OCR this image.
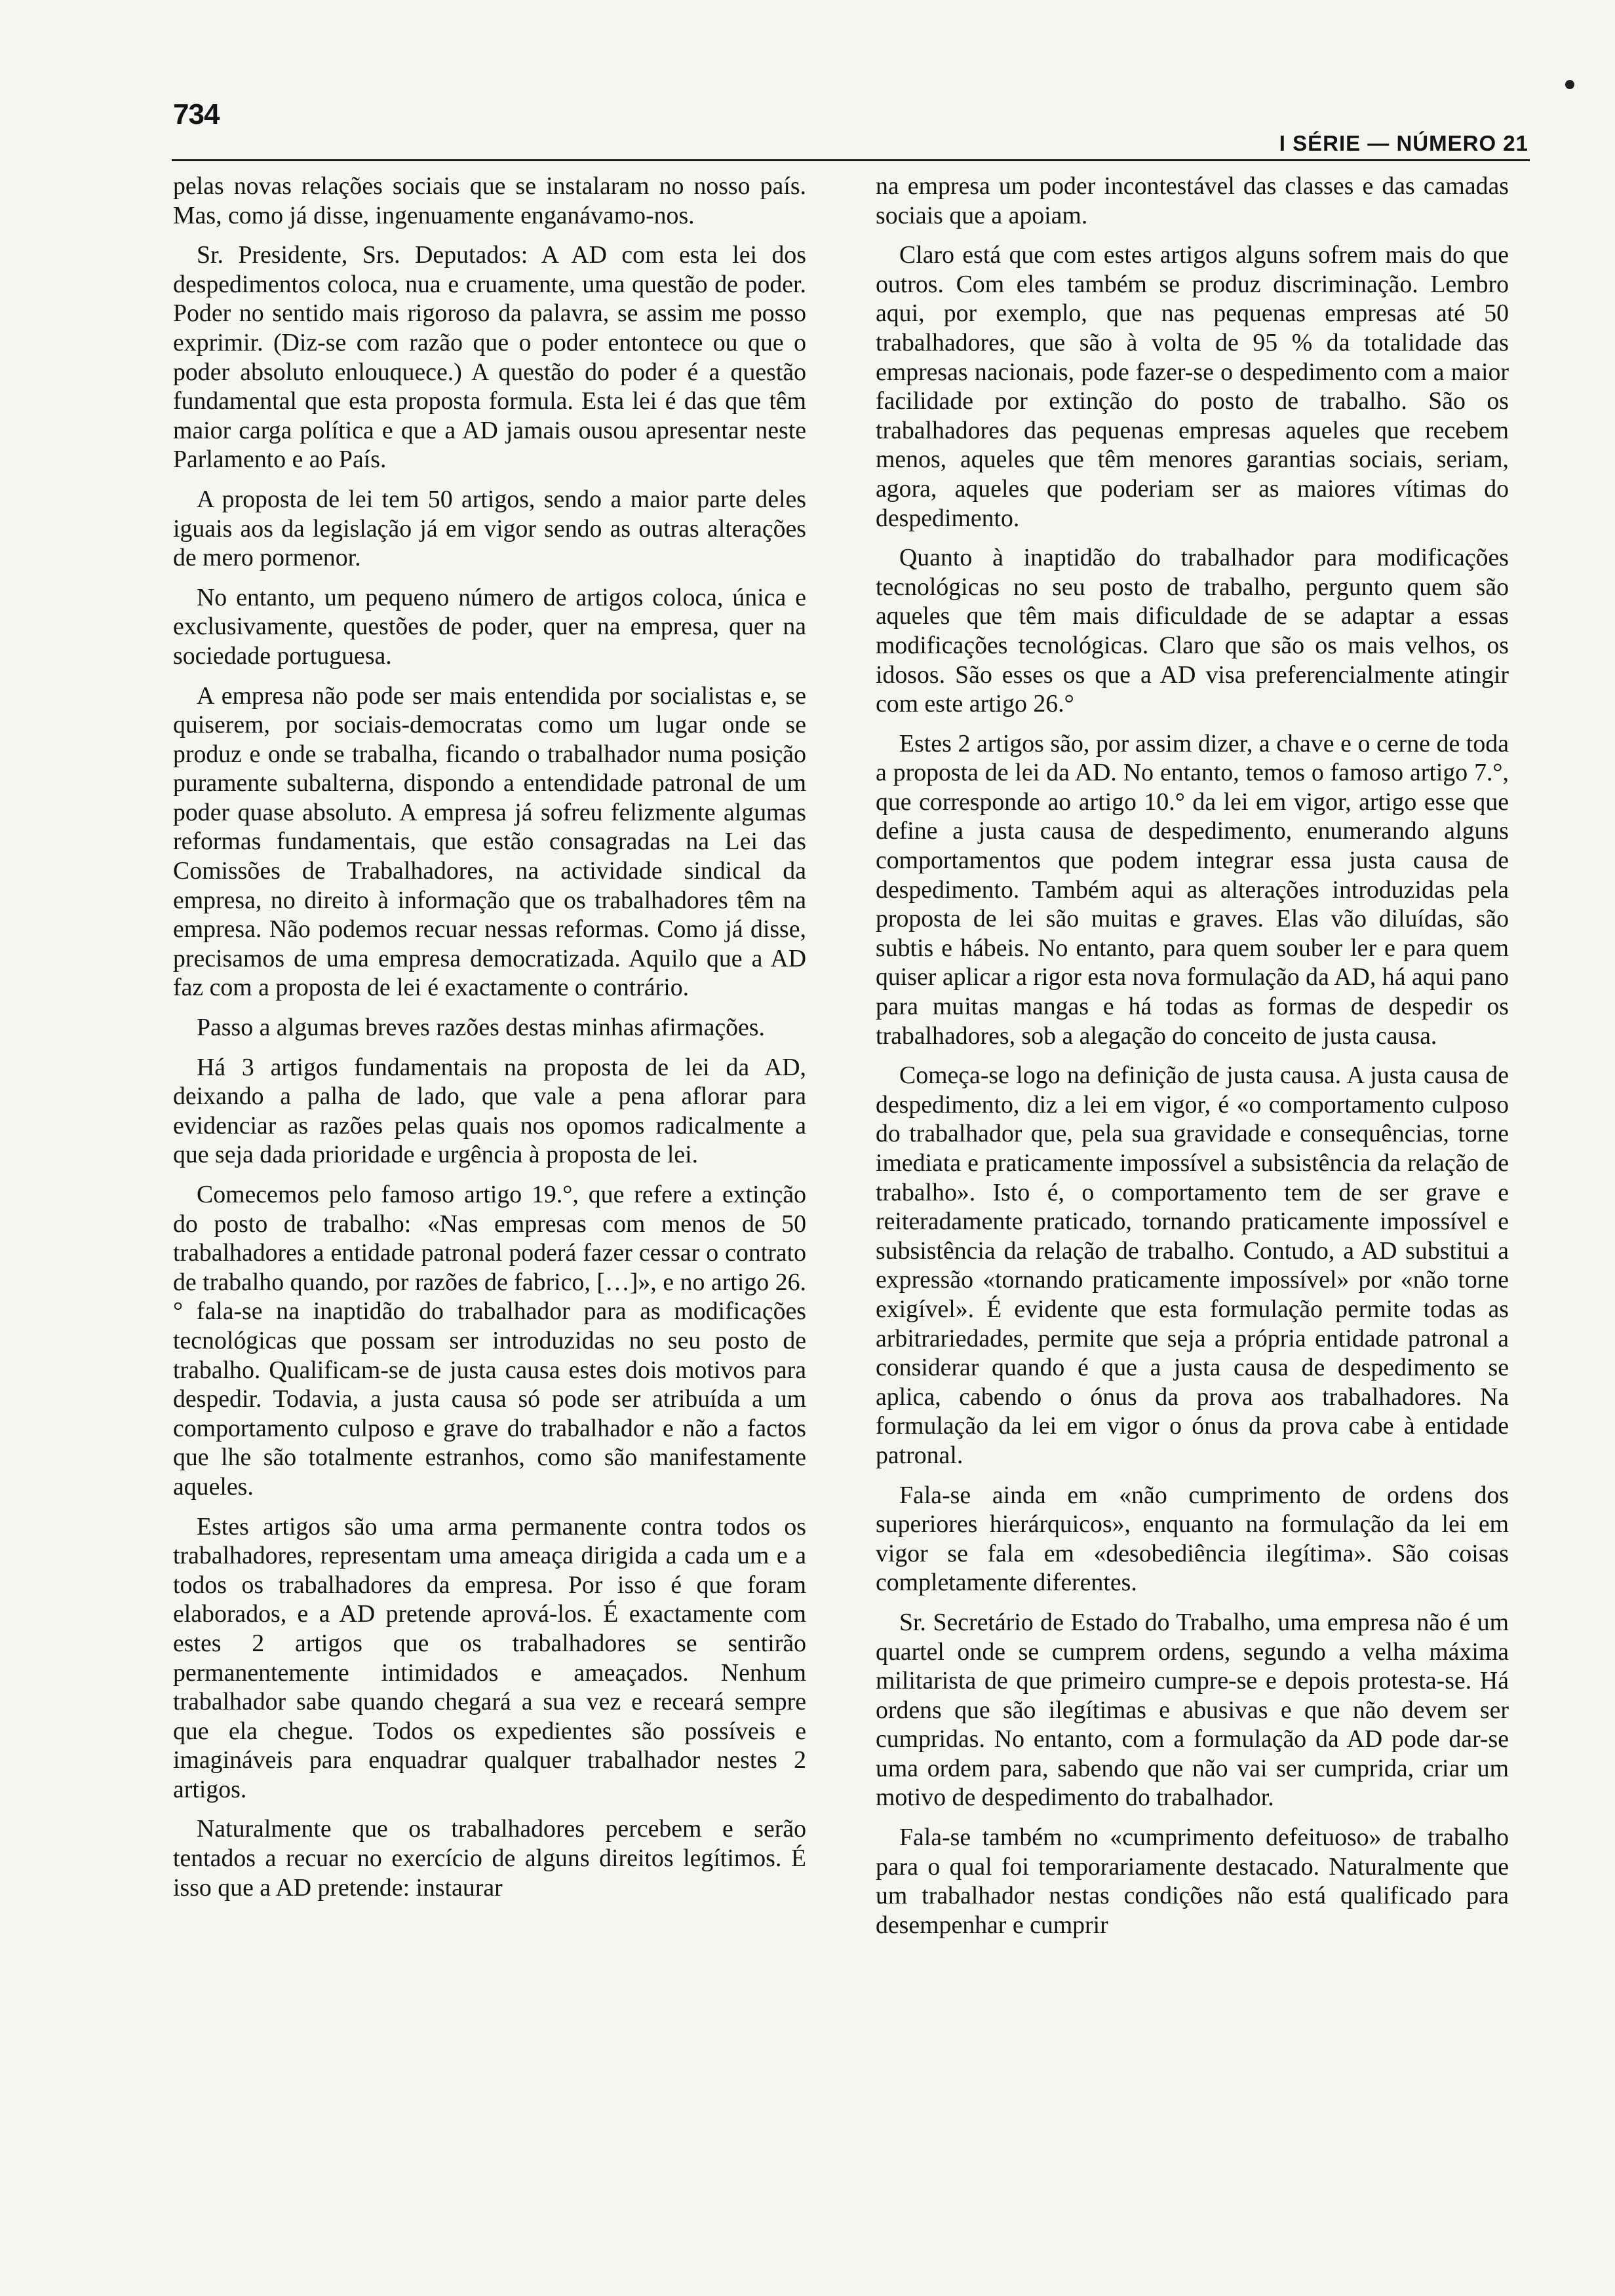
734
I SÉRIE — NÚMERO 21

pelas novas relações sociais que se instalaram no nosso país. Mas, como já disse, ingenuamente enganávamo-nos.

Sr. Presidente, Srs. Deputados: A AD com esta lei dos despedimentos coloca, nua e cruamente, uma questão de poder. Poder no sentido mais rigoroso da palavra, se assim me posso exprimir. (Diz-se com razão que o poder entontece ou que o poder absoluto enlouquece.) A questão do poder é a questão fundamental que esta proposta formula. Esta lei é das que têm maior carga política e que a AD jamais ousou apresentar neste Parlamento e ao País.

A proposta de lei tem 50 artigos, sendo a maior parte deles iguais aos da legislação já em vigor sendo as outras alterações de mero pormenor.

No entanto, um pequeno número de artigos coloca, única e exclusivamente, questões de poder, quer na empresa, quer na sociedade portuguesa.

A empresa não pode ser mais entendida por socialistas e, se quiserem, por sociais-democratas como um lugar onde se produz e onde se trabalha, ficando o trabalhador numa posição puramente subalterna, dispondo a entendidade patronal de um poder quase absoluto. A empresa já sofreu felizmente algumas reformas fundamentais, que estão consagradas na Lei das Comissões de Trabalhadores, na actividade sindical da empresa, no direito à informação que os trabalhadores têm na empresa. Não podemos recuar nessas reformas. Como já disse, precisamos de uma empresa democratizada. Aquilo que a AD faz com a proposta de lei é exactamente o contrário.

Passo a algumas breves razões destas minhas afirmações.

Há 3 artigos fundamentais na proposta de lei da AD, deixando a palha de lado, que vale a pena aflorar para evidenciar as razões pelas quais nos opomos radicalmente a que seja dada prioridade e urgência à proposta de lei.

Comecemos pelo famoso artigo 19.°, que refere a extinção do posto de trabalho: «Nas empresas com menos de 50 trabalhadores a entidade patronal poderá fazer cessar o contrato de trabalho quando, por razões de fabrico, […]», e no artigo 26.° fala-se na inaptidão do trabalhador para as modificações tecnológicas que possam ser introduzidas no seu posto de trabalho. Qualificam-se de justa causa estes dois motivos para despedir. Todavia, a justa causa só pode ser atribuída a um comportamento culposo e grave do trabalhador e não a factos que lhe são totalmente estranhos, como são manifestamente aqueles.

Estes artigos são uma arma permanente contra todos os trabalhadores, representam uma ameaça dirigida a cada um e a todos os trabalhadores da empresa. Por isso é que foram elaborados, e a AD pretende aprová-los. É exactamente com estes 2 artigos que os trabalhadores se sentirão permanentemente intimidados e ameaçados. Nenhum trabalhador sabe quando chegará a sua vez e receará sempre que ela chegue. Todos os expedientes são possíveis e imagináveis para enquadrar qualquer trabalhador nestes 2 artigos.

Naturalmente que os trabalhadores percebem e serão tentados a recuar no exercício de alguns direitos legítimos. É isso que a AD pretende: instaurar

na empresa um poder incontestável das classes e das camadas sociais que a apoiam.

Claro está que com estes artigos alguns sofrem mais do que outros. Com eles também se produz discriminação. Lembro aqui, por exemplo, que nas pequenas empresas até 50 trabalhadores, que são à volta de 95 % da totalidade das empresas nacionais, pode fazer-se o despedimento com a maior facilidade por extinção do posto de trabalho. São os trabalhadores das pequenas empresas aqueles que recebem menos, aqueles que têm menores garantias sociais, seriam, agora, aqueles que poderiam ser as maiores vítimas do despedimento.

Quanto à inaptidão do trabalhador para modificações tecnológicas no seu posto de trabalho, pergunto quem são aqueles que têm mais dificuldade de se adaptar a essas modificações tecnológicas. Claro que são os mais velhos, os idosos. São esses os que a AD visa preferencialmente atingir com este artigo 26.°

Estes 2 artigos são, por assim dizer, a chave e o cerne de toda a proposta de lei da AD. No entanto, temos o famoso artigo 7.°, que corresponde ao artigo 10.° da lei em vigor, artigo esse que define a justa causa de despedimento, enumerando alguns comportamentos que podem integrar essa justa causa de despedimento. Também aqui as alterações introduzidas pela proposta de lei são muitas e graves. Elas vão diluídas, são subtis e hábeis. No entanto, para quem souber ler e para quem quiser aplicar a rigor esta nova formulação da AD, há aqui pano para muitas mangas e há todas as formas de despedir os trabalhadores, sob a alegação do conceito de justa causa.

Começa-se logo na definição de justa causa. A justa causa de despedimento, diz a lei em vigor, é «o comportamento culposo do trabalhador que, pela sua gravidade e consequências, torne imediata e praticamente impossível a subsistência da relação de trabalho». Isto é, o comportamento tem de ser grave e reiteradamente praticado, tornando praticamente impossível e subsistência da relação de trabalho. Contudo, a AD substitui a expressão «tornando praticamente impossível» por «não torne exigível». É evidente que esta formulação permite todas as arbitrariedades, permite que seja a própria entidade patronal a considerar quando é que a justa causa de despedimento se aplica, cabendo o ónus da prova aos trabalhadores. Na formulação da lei em vigor o ónus da prova cabe à entidade patronal.

Fala-se ainda em «não cumprimento de ordens dos superiores hierárquicos», enquanto na formulação da lei em vigor se fala em «desobediência ilegítima». São coisas completamente diferentes.

Sr. Secretário de Estado do Trabalho, uma empresa não é um quartel onde se cumprem ordens, segundo a velha máxima militarista de que primeiro cumpre-se e depois protesta-se. Há ordens que são ilegítimas e abusivas e que não devem ser cumpridas. No entanto, com a formulação da AD pode dar-se uma ordem para, sabendo que não vai ser cumprida, criar um motivo de despedimento do trabalhador.

Fala-se também no «cumprimento defeituoso» de trabalho para o qual foi temporariamente destacado. Naturalmente que um trabalhador nestas condições não está qualificado para desempenhar e cumprir
